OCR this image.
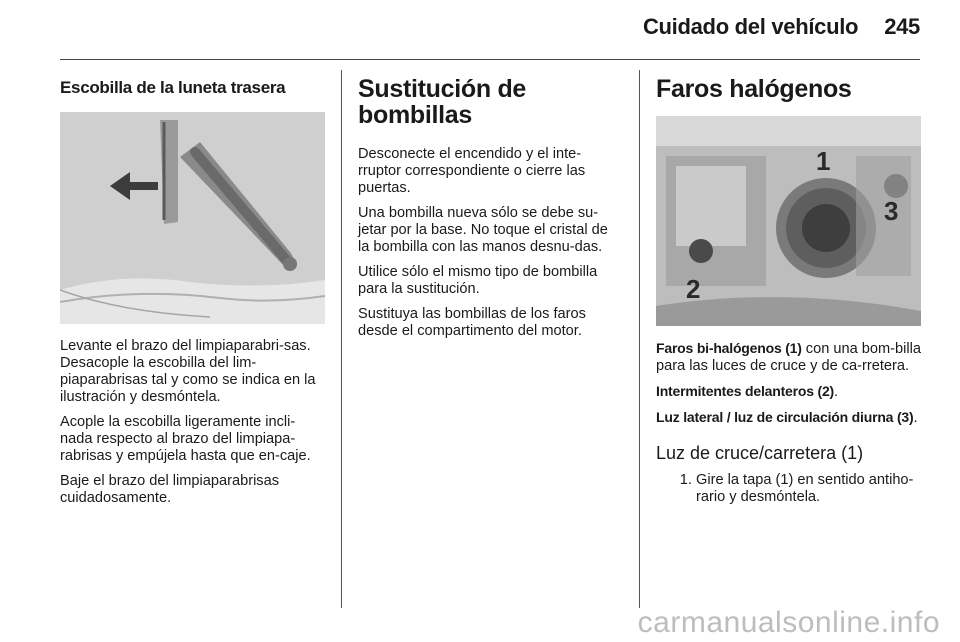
Cuidado del vehículo 245
Escobilla de la luneta trasera

Levante el brazo del limpiaparabri-sas. Desacople la escobilla del lim-piaparabrisas tal y como se indica en la ilustración y desmóntela.

Acople la escobilla ligeramente incli-nada respecto al brazo del limpiapa-rabrisas y empújela hasta que en-caje.

Baje el brazo del limpiaparabrisas cuidadosamente.

Sustitución de bombillas

Desconecte el encendido y el inte-rruptor correspondiente o cierre las puertas.

Una bombilla nueva sólo se debe su-jetar por la base. No toque el cristal de la bombilla con las manos desnu-das.

Utilice sólo el mismo tipo de bombilla para la sustitución.

Sustituya las bombillas de los faros desde el compartimento del motor.

Faros halógenos
1
2
3

Faros bi-halógenos (1) con una bom-billa para las luces de cruce y de ca-rretera.

Intermitentes delanteros (2).

Luz lateral / luz de circulación diurna (3).

Luz de cruce/carretera (1)
1. Gire la tapa (1) en sentido antiho-rario y desmóntela.
carmanualsonline.info
